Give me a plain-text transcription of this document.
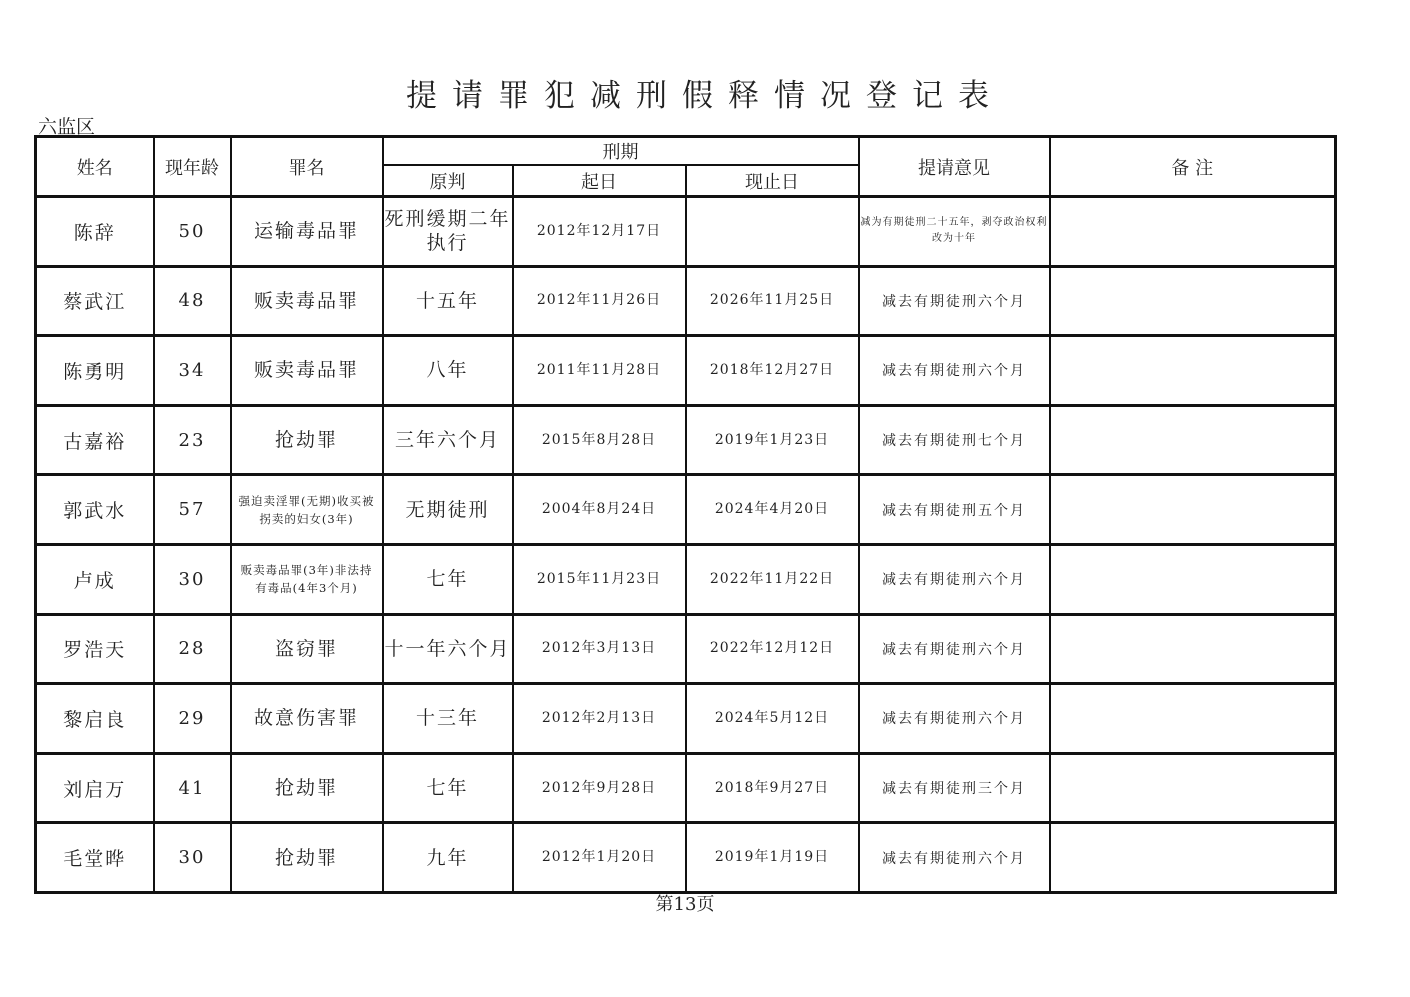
提请罪犯减刑假释情况登记表
六监区
姓名	现年龄	罪名	刑期			提请意见	备 注
			原判	起日	现止日		
陈辞	50	运输毒品罪	死刑缓期二年执行	2012年12月17日		减为有期徒刑二十五年，剥夺政治权利改为十年	
蔡武江	48	贩卖毒品罪	十五年	2012年11月26日	2026年11月25日	减去有期徒刑六个月	
陈勇明	34	贩卖毒品罪	八年	2011年11月28日	2018年12月27日	减去有期徒刑六个月	
古嘉裕	23	抢劫罪	三年六个月	2015年8月28日	2019年1月23日	减去有期徒刑七个月	
郭武水	57	强迫卖淫罪(无期)收买被拐卖的妇女(3年)	无期徒刑	2004年8月24日	2024年4月20日	减去有期徒刑五个月	
卢成	30	贩卖毒品罪(3年)非法持有毒品(4年3个月)	七年	2015年11月23日	2022年11月22日	减去有期徒刑六个月	
罗浩天	28	盗窃罪	十一年六个月	2012年3月13日	2022年12月12日	减去有期徒刑六个月	
黎启良	29	故意伤害罪	十三年	2012年2月13日	2024年5月12日	减去有期徒刑六个月	
刘启万	41	抢劫罪	七年	2012年9月28日	2018年9月27日	减去有期徒刑三个月	
毛堂晔	30	抢劫罪	九年	2012年1月20日	2019年1月19日	减去有期徒刑六个月	
第13页
